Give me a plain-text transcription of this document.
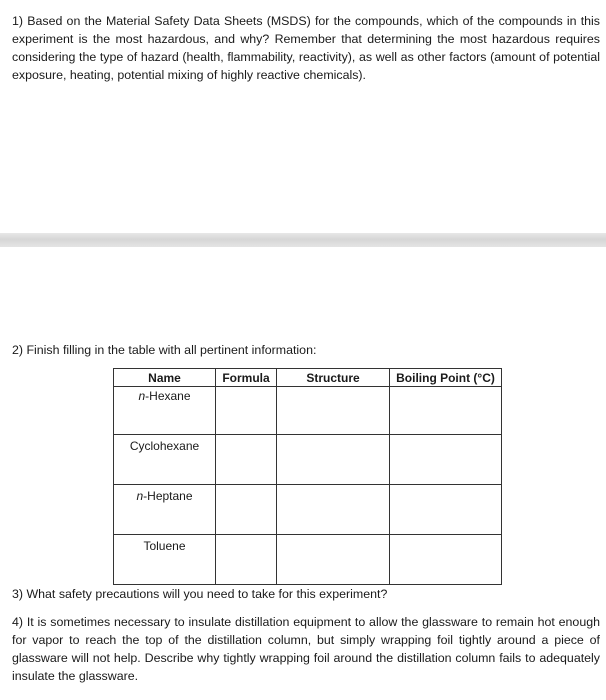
1) Based on the Material Safety Data Sheets (MSDS) for the compounds, which of the compounds in this experiment is the most hazardous, and why? Remember that determining the most hazardous requires considering the type of hazard (health, flammability, reactivity), as well as other factors (amount of potential exposure, heating, potential mixing of highly reactive chemicals).

2) Finish filling in the table with all pertinent information:

Name	Formula	Structure	Boiling Point (°C)
n-Hexane			
Cyclohexane			
n-Heptane			
Toluene			

3) What safety precautions will you need to take for this experiment?

4) It is sometimes necessary to insulate distillation equipment to allow the glassware to remain hot enough for vapor to reach the top of the distillation column, but simply wrapping foil tightly around a piece of glassware will not help. Describe why tightly wrapping foil around the distillation column fails to adequately insulate the glassware.
